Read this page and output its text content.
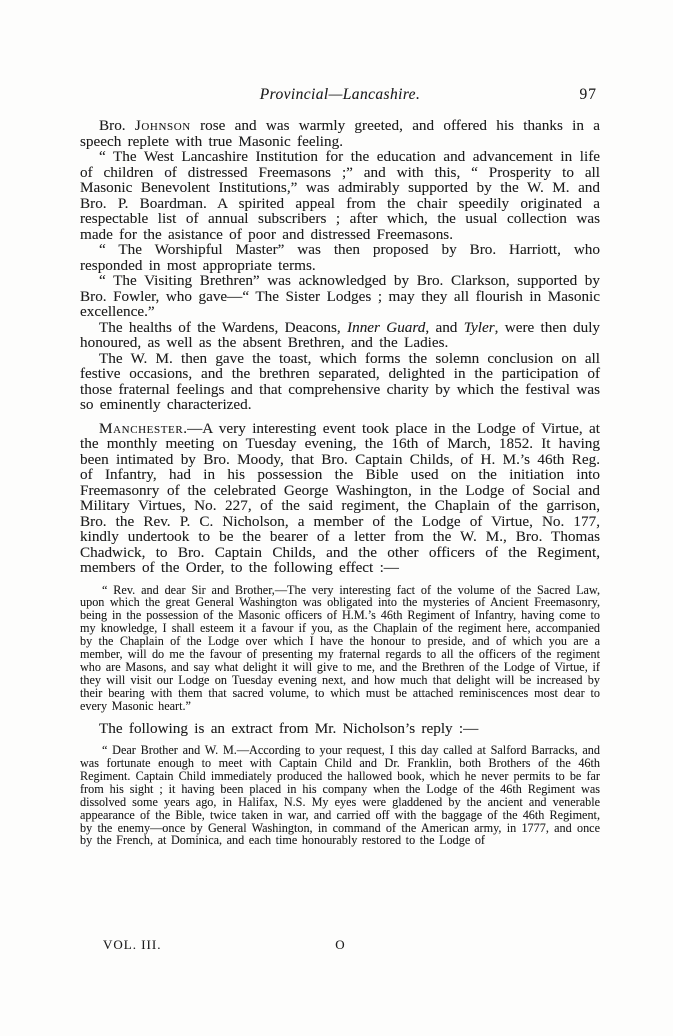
Provincial—Lancashire.	97

Bro. Johnson rose and was warmly greeted, and offered his thanks in a speech replete with true Masonic feeling.

“ The West Lancashire Institution for the education and advancement in life of children of distressed Freemasons ;” and with this, “ Prosperity to all Masonic Benevolent Institutions,” was admirably supported by the W. M. and Bro. P. Boardman. A spirited appeal from the chair speedily originated a respectable list of annual subscribers ; after which, the usual collection was made for the asistance of poor and distressed Freemasons.

“ The Worshipful Master” was then proposed by Bro. Harriott, who responded in most appropriate terms.

“ The Visiting Brethren” was acknowledged by Bro. Clarkson, supported by Bro. Fowler, who gave—“ The Sister Lodges ; may they all flourish in Masonic excellence.”

The healths of the Wardens, Deacons, Inner Guard, and Tyler, were then duly honoured, as well as the absent Brethren, and the Ladies.

The W. M. then gave the toast, which forms the solemn conclusion on all festive occasions, and the brethren separated, delighted in the participation of those fraternal feelings and that comprehensive charity by which the festival was so eminently characterized.

Manchester.—A very interesting event took place in the Lodge of Virtue, at the monthly meeting on Tuesday evening, the 16th of March, 1852. It having been intimated by Bro. Moody, that Bro. Captain Childs, of H. M.’s 46th Reg. of Infantry, had in his possession the Bible used on the initiation into Freemasonry of the celebrated George Washington, in the Lodge of Social and Military Virtues, No. 227, of the said regiment, the Chaplain of the garrison, Bro. the Rev. P. C. Nicholson, a member of the Lodge of Virtue, No. 177, kindly undertook to be the bearer of a letter from the W. M., Bro. Thomas Chadwick, to Bro. Captain Childs, and the other officers of the Regiment, members of the Order, to the following effect :—

“ Rev. and dear Sir and Brother,—The very interesting fact of the volume of the Sacred Law, upon which the great General Washington was obligated into the mysteries of Ancient Freemasonry, being in the possession of the Masonic officers of H.M.’s 46th Regiment of Infantry, having come to my knowledge, I shall esteem it a favour if you, as the Chaplain of the regiment here, accompanied by the Chaplain of the Lodge over which I have the honour to preside, and of which you are a member, will do me the favour of presenting my fraternal regards to all the officers of the regiment who are Masons, and say what delight it will give to me, and the Brethren of the Lodge of Virtue, if they will visit our Lodge on Tuesday evening next, and how much that delight will be increased by their bearing with them that sacred volume, to which must be attached reminiscences most dear to every Masonic heart.”

The following is an extract from Mr. Nicholson’s reply :—

“ Dear Brother and W. M.—According to your request, I this day called at Salford Barracks, and was fortunate enough to meet with Captain Child and Dr. Franklin, both Brothers of the 46th Regiment. Captain Child immediately produced the hallowed book, which he never permits to be far from his sight ; it having been placed in his company when the Lodge of the 46th Regiment was dissolved some years ago, in Halifax, N.S. My eyes were gladdened by the ancient and venerable appearance of the Bible, twice taken in war, and carried off with the baggage of the 46th Regiment, by the enemy—once by General Washington, in command of the American army, in 1777, and once by the French, at Dominica, and each time honourably restored to the Lodge of

VOL. III.	O
